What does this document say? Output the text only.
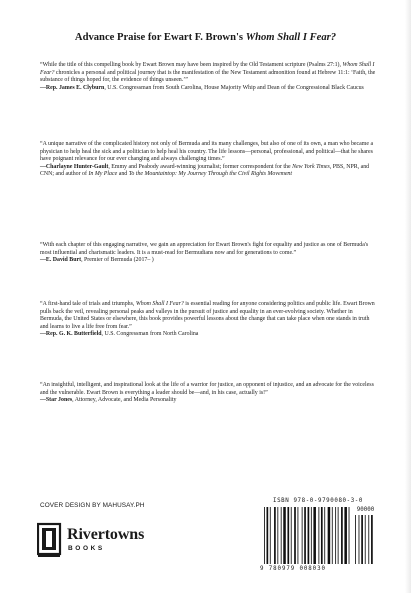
Advance Praise for Ewart F. Brown's Whom Shall I Fear?

“While the title of this compelling book by Ewart Brown may have been inspired by the Old Testament scripture (Psalms 27:1), Whom Shall I Fear? chronicles a personal and political journey that is the manifestation of the New Testament admonition found at Hebrew 11:1: ‘Faith, the substance of things hoped for, the evidence of things unseen.’”

—Rep. James E. Clyburn, U.S. Congressman from South Carolina, House Majority Whip and Dean of the Congressional Black Caucus

“A unique narrative of the complicated history not only of Bermuda and its many challenges, but also of one of its own, a man who became a physician to help heal the sick and a politician to help heal his country. The life lessons—personal, professional, and political—that he shares have poignant relevance for our ever changing and always challenging times.”

—Charlayne Hunter-Gault, Emmy and Peabody award-winning journalist; former correspondent for the New York Times, PBS, NPR, and CNN; and author of In My Place and To the Mountaintop: My Journey Through the Civil Rights Movement

“With each chapter of this engaging narrative, we gain an appreciation for Ewart Brown's fight for equality and justice as one of Bermuda's most influential and charismatic leaders. It is a must-read for Bermudians now and for generations to come.”

—E. David Burt, Premier of Bermuda (2017– )

“A first-hand tale of trials and triumphs, Whom Shall I Fear? is essential reading for anyone considering politics and public life. Ewart Brown pulls back the veil, revealing personal peaks and valleys in the pursuit of justice and equality in an ever-evolving society. Whether in Bermuda, the United States or elsewhere, this book provides powerful lessons about the change that can take place when one stands in truth and learns to live a life free from fear.”

—Rep. G. K. Butterfield, U.S. Congressman from North Carolina

“An insightful, intelligent, and inspirational look at the life of a warrior for justice, an opponent of injustice, and an advocate for the voiceless and the vulnerable. Ewart Brown is everything a leader should be—and, in his case, actually is!”

—Star Jones, Attorney, Advocate, and Media Personality

COVER DESIGN BY MAHUSAY.PH
Rivertowns
BOOKS
ISBN 978-0-9790080-3-0
90000
9 780979 008030
